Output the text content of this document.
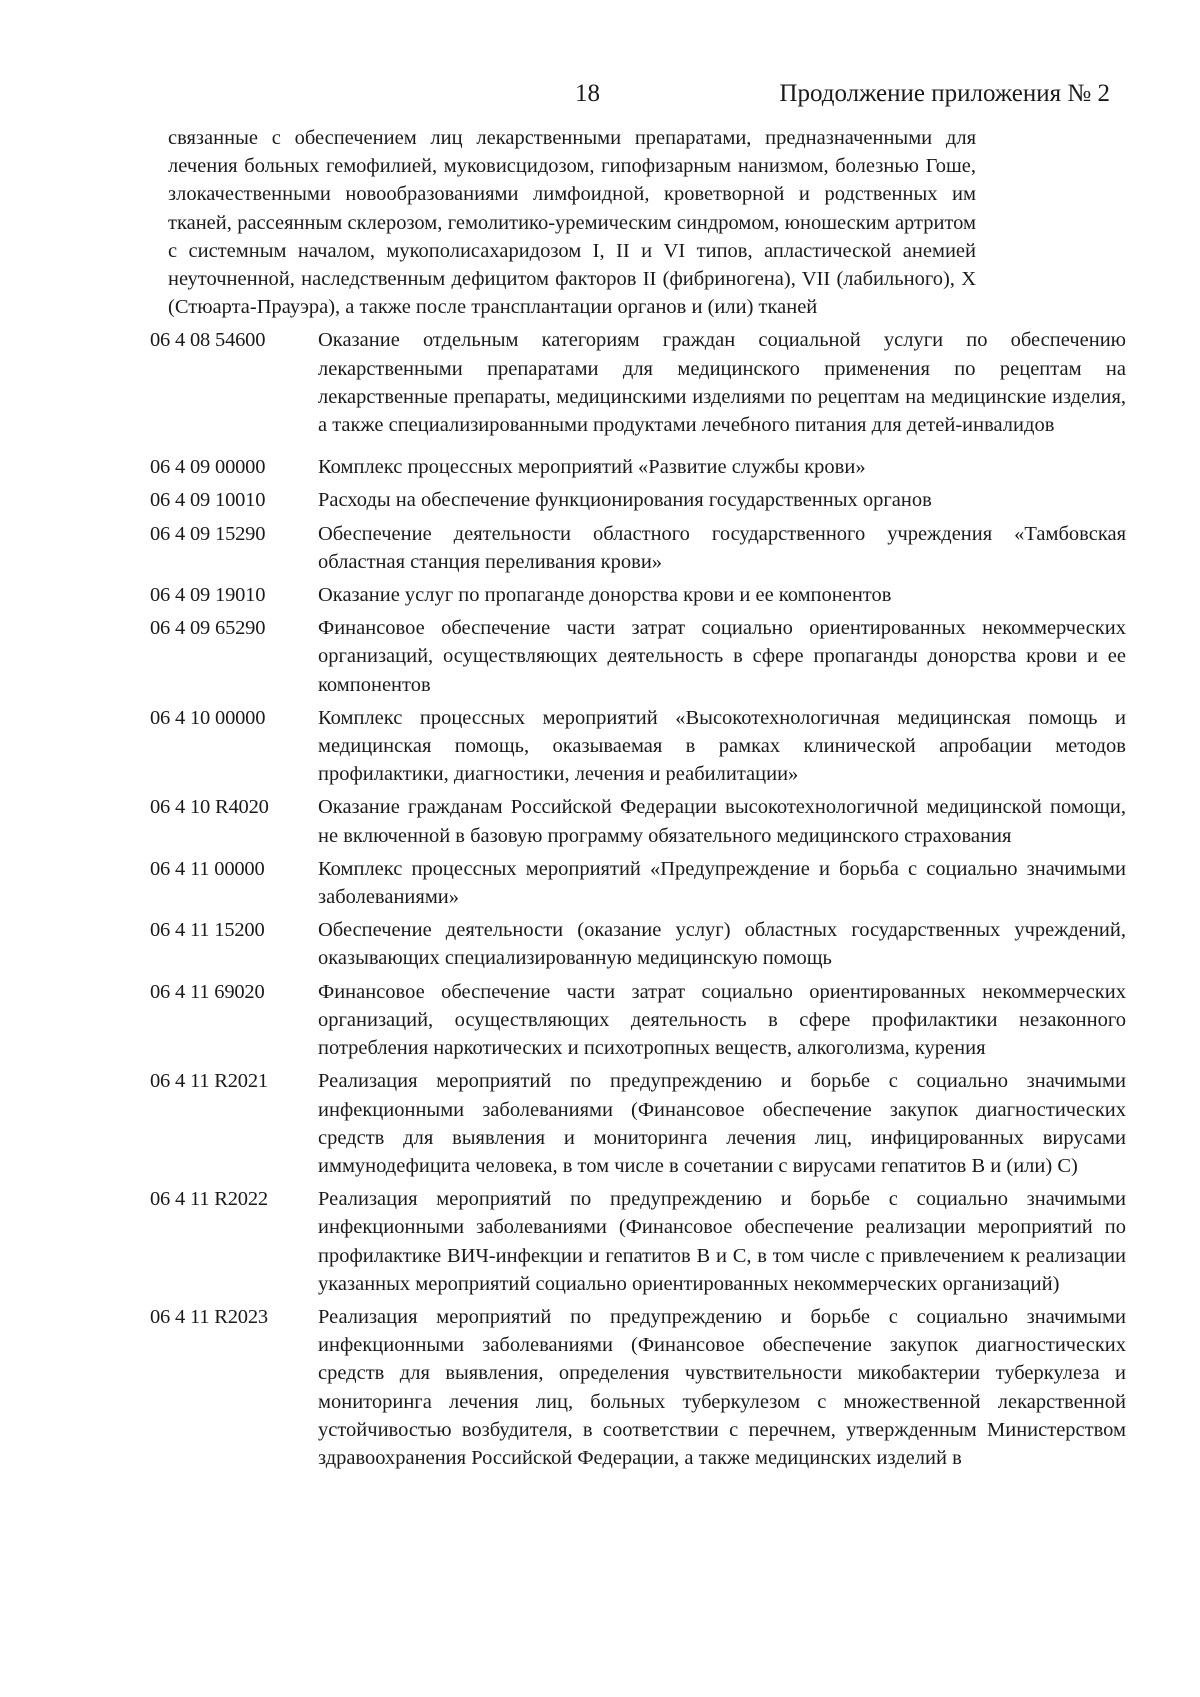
18	Продолжение приложения № 2
связанные с обеспечением лиц лекарственными препаратами, предназначенными для лечения больных гемофилией, муковисцидозом, гипофизарным нанизмом, болезнью Гоше, злокачественными новообразованиями лимфоидной, кроветворной и родственных им тканей, рассеянным склерозом, гемолитико-уремическим синдромом, юношеским артритом с системным началом, мукополисахаридозом I, II и VI типов, апластической анемией неуточненной, наследственным дефицитом факторов II (фибриногена), VII (лабильного), X (Стюарта-Прауэра), а также после трансплантации органов и (или) тканей
06 4 08 54600	Оказание отдельным категориям граждан социальной услуги по обеспечению лекарственными препаратами для медицинского применения по рецептам на лекарственные препараты, медицинскими изделиями по рецептам на медицинские изделия, а также специализированными продуктами лечебного питания для детей-инвалидов
06 4 09 00000	Комплекс процессных мероприятий «Развитие службы крови»
06 4 09 10010	Расходы на обеспечение функционирования государственных органов
06 4 09 15290	Обеспечение деятельности областного государственного учреждения «Тамбовская областная станция переливания крови»
06 4 09 19010	Оказание услуг по пропаганде донорства крови и ее компонентов
06 4 09 65290	Финансовое обеспечение части затрат социально ориентированных некоммерческих организаций, осуществляющих деятельность в сфере пропаганды донорства крови и ее компонентов
06 4 10 00000	Комплекс процессных мероприятий «Высокотехнологичная медицинская помощь и медицинская помощь, оказываемая в рамках клинической апробации методов профилактики, диагностики, лечения и реабилитации»
06 4 10 R4020	Оказание гражданам Российской Федерации высокотехнологичной медицинской помощи, не включенной в базовую программу обязательного медицинского страхования
06 4 11 00000	Комплекс процессных мероприятий «Предупреждение и борьба с социально значимыми заболеваниями»
06 4 11 15200	Обеспечение деятельности (оказание услуг) областных государственных учреждений, оказывающих специализированную медицинскую помощь
06 4 11 69020	Финансовое обеспечение части затрат социально ориентированных некоммерческих организаций, осуществляющих деятельность в сфере профилактики незаконного потребления наркотических и психотропных веществ, алкоголизма, курения
06 4 11 R2021	Реализация мероприятий по предупреждению и борьбе с социально значимыми инфекционными заболеваниями (Финансовое обеспечение закупок диагностических средств для выявления и мониторинга лечения лиц, инфицированных вирусами иммунодефицита человека, в том числе в сочетании с вирусами гепатитов B и (или) C)
06 4 11 R2022	Реализация мероприятий по предупреждению и борьбе с социально значимыми инфекционными заболеваниями (Финансовое обеспечение реализации мероприятий по профилактике ВИЧ-инфекции и гепатитов B и C, в том числе с привлечением к реализации указанных мероприятий социально ориентированных некоммерческих организаций)
06 4 11 R2023	Реализация мероприятий по предупреждению и борьбе с социально значимыми инфекционными заболеваниями (Финансовое обеспечение закупок диагностических средств для выявления, определения чувствительности микобактерии туберкулеза и мониторинга лечения лиц, больных туберкулезом с множественной лекарственной устойчивостью возбудителя, в соответствии с перечнем, утвержденным Министерством здравоохранения Российской Федерации, а также медицинских изделий в
